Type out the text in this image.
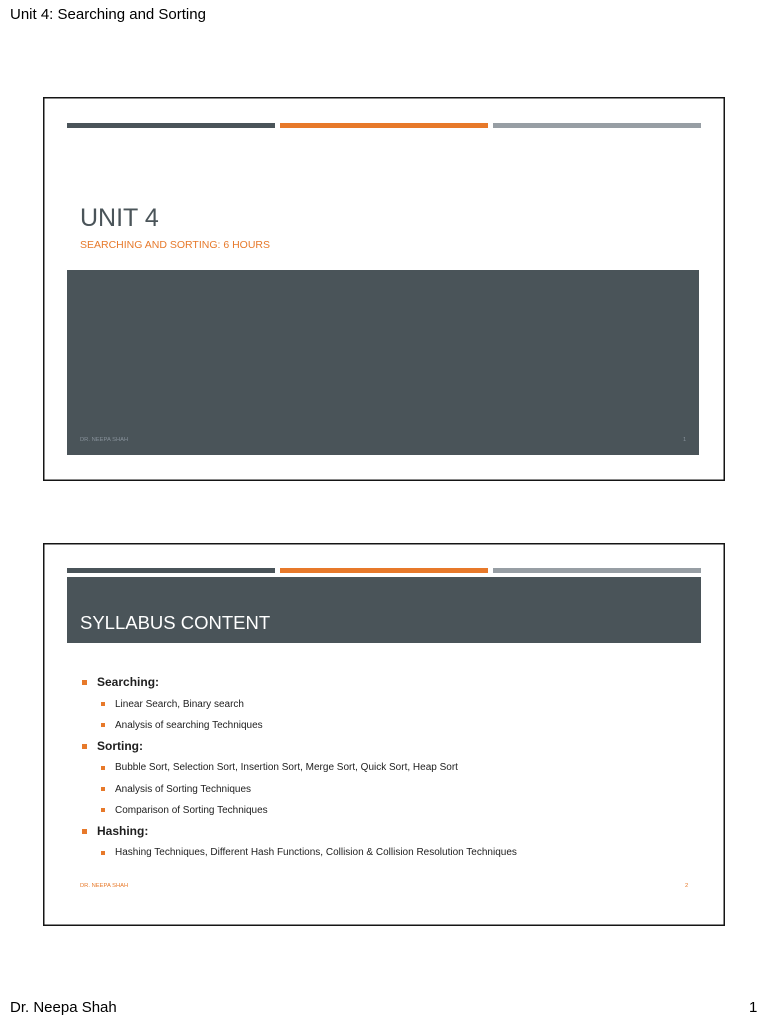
Unit 4: Searching and Sorting
UNIT 4
SEARCHING AND SORTING: 6 HOURS
DR. NEEPA SHAH	1
SYLLABUS CONTENT
Searching:
Linear Search, Binary search
Analysis of searching Techniques
Sorting:
Bubble Sort, Selection Sort, Insertion Sort, Merge Sort, Quick Sort, Heap Sort
Analysis of Sorting Techniques
Comparison of Sorting Techniques
Hashing:
Hashing Techniques, Different Hash Functions, Collision & Collision Resolution Techniques
DR. NEEPA SHAH	2
Dr. Neepa Shah	1
